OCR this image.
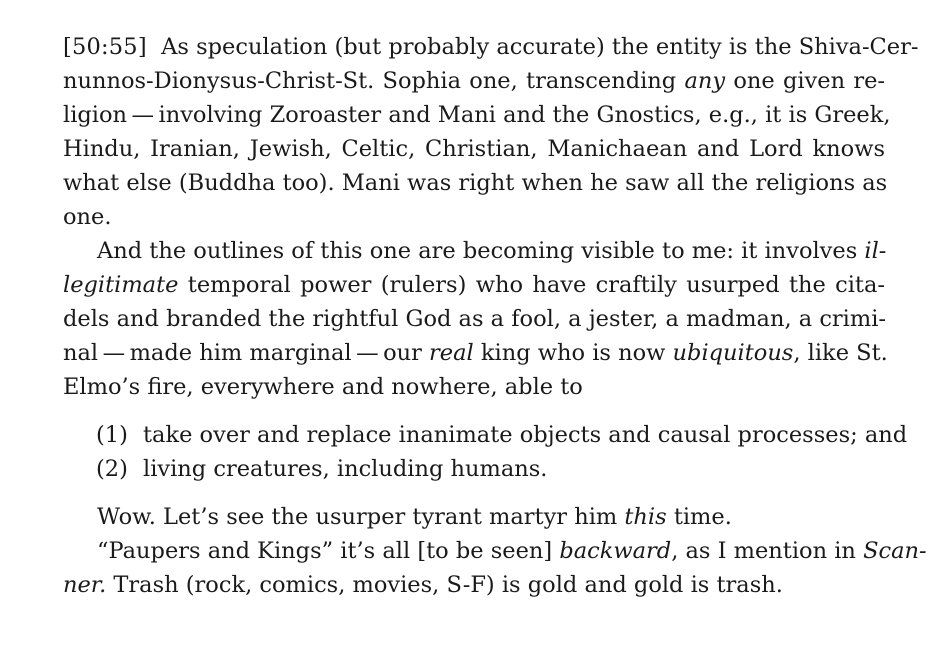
[50:55] As speculation (but probably accurate) the entity is the Shiva-Cer-
nunnos-Dionysus-Christ-St. Sophia one, transcending any one given re-
ligion — involving Zoroaster and Mani and the Gnostics, e.g., it is Greek,
Hindu, Iranian, Jewish, Celtic, Christian, Manichaean and Lord knows
what else (Buddha too). Mani was right when he saw all the religions as
one.
And the outlines of this one are becoming visible to me: it involves il-
legitimate temporal power (rulers) who have craftily usurped the cita-
dels and branded the rightful God as a fool, a jester, a madman, a crimi-
nal — made him marginal — our real king who is now ubiquitous, like St.
Elmo’s fire, everywhere and nowhere, able to
(1) take over and replace inanimate objects and causal processes; and
(2) living creatures, including humans.
Wow. Let’s see the usurper tyrant martyr him this time.
“Paupers and Kings” it’s all [to be seen] backward, as I mention in Scan-
ner. Trash (rock, comics, movies, S-F) is gold and gold is trash.
